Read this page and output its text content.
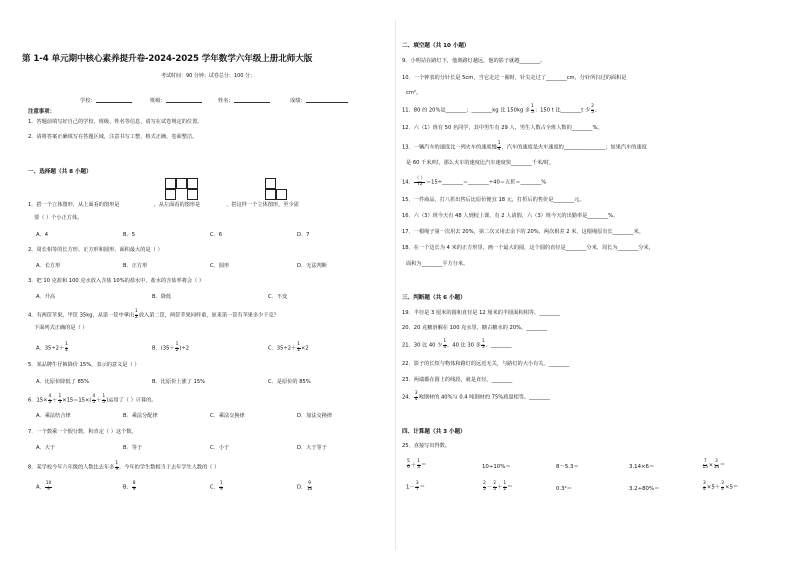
第 1-4 单元期中核心素养提升卷-2024-2025 学年数学六年级上册北师大版
考试时间：90 分钟；试卷总分：100 分；
学校：	班级：	姓名：	成绩：
注意事项：
1．答题前填写好自己的学校、班级、姓名等信息，请写在试卷规定的位置。
2．请将答案正确填写在答题区域，注意书写工整，格式正确，卷面整洁。
一、选择题（共 8 小题）
1．搭一个立体图形，从上面看的图形是	，从左面看的图形是	，搭这样一个立体图形，至少需
要（ ）个小正方体。
A．4	B．5	C．6	D．7
2．周长相等的长方形、正方形和圆形，面积最大的是（ ）
A．长方形	B．正方形	C．圆形	D．无法判断
3．把 10 克盐和 100 克水放入含盐 10%的盐水中，盐水的含盐率将会（ ）
A．升高	B．降低	C．不变
4．有两筐苹果，甲筐 35kg，从第一筐中拿出 $\frac{1}{2}$ 放入第二筐，两筐苹果同样重，原来第一筐有苹果多少千克？
下面列式正确的是（ ）
A．$35\div 2+ \frac{1}{2}$	B．$(35+ \frac{1}{2} )\div 2$	C．$35\div 2+ \frac{1}{2} \times 2$
5．某品牌牛仔裤降价 15%，表示的意义是（ ）
A．比原价降低了 85%	B．比原价上涨了 15%	C．是原价的 85%
6．$15\times \frac{4}{5} + \frac{1}{5} \times 15=15\times( \frac{4}{5} + \frac{1}{5}$ )运用了（ ）计算的。
A．乘法结合律	B．乘法分配律	C．乘法交换律	D．加法交换律
7．一个数乘一个假分数，积肯定（ ）这个数。
A．大于	B．等于	C．小于	D．大于等于
8．某学校今年六年级的人数比去年多 $\frac{1}{9}$ ，今年的学生数相当于去年学生人数的（ ）
A． $\frac{10}{9}$	B． $\frac{8}{9}$	C． $\frac{1}{9}$	D． $\frac{9}{10}$
二、填空题（共 10 小题）
9．小明站在路灯下，他离路灯越远，他的影子就越________。
10．一个钟表的分针长是 5cm，当它走过一圈时，针尖走过了________cm，分针所扫过的面积是
cm²。
11．80 的 20%是________；________kg 比 150kg 多 $\frac{1}{5}$ ；150 t 比________t 少 $\frac{2}{5}$ 。
12．六（1）班有 50 名同学，其中男生有 29 人，男生人数占全班人数的________%。
13．一辆汽车的速度比一列火车的速度慢 $\frac{1}{4}$ ，汽车的速度是火车速度的________________；如果汽车的速度
是 60 千米/时，那么火车的速度比汽车速度快________千米/时。
14． $\frac{( )}{72}$ ＝15÷________＝________÷40＝五折＝________%
15．一件商品，打八折出售后比原价便宜 18 元，打折后的售价是________元。
16．六（3）班今天有 48 人到校上课，有 2 人请假，六（3）班今天的出勤率是________%。
17．一根绳子第一次用去 20%，第二次又用去余下的 20%，两次相差 2 米，这根绳原有长________米。
18．在一个边长为 4 米的正方形里，画一个最大的圆，这个圆的直径是________分米，周长为________分米，
面积为________平方分米。
三、判断题（共 6 小题）
19．半径是 3 厘米的圆和直径是 12 厘米的半圆面积相等。________
20．20 克糖溶解在 100 克水里，糖占糖水的 20%。________
21．30 比 40 少 $\frac{1}{4}$ ，40 比 30 多 $\frac{1}{3}$ 。________
22．影子的长短与物体和路灯的远近无关，与路灯的大小有关。________
23．两端都在圆上的线段，就是直径。________
24． $\frac{3}{4}$ 吨钢材的 40%与 0.4 吨钢材的 75%质量相等。________
四、计算题（共 3 小题）
25．直接写出得数。
$\frac{5}{6} + \frac{1}{3}$ ＝	10÷10%＝	8－5.3＝	3.14×6＝	$\frac{7}{15} \times \frac{3}{14}$ ＝
$1- \frac{3}{7}$ ＝	$\frac{2}{5} - \frac{2}{5} + \frac{1}{2}$ ＝	0.3²＝	3.2÷80%＝	$\frac{3}{4} \times 5+ \frac{3}{4} \times 5=$
